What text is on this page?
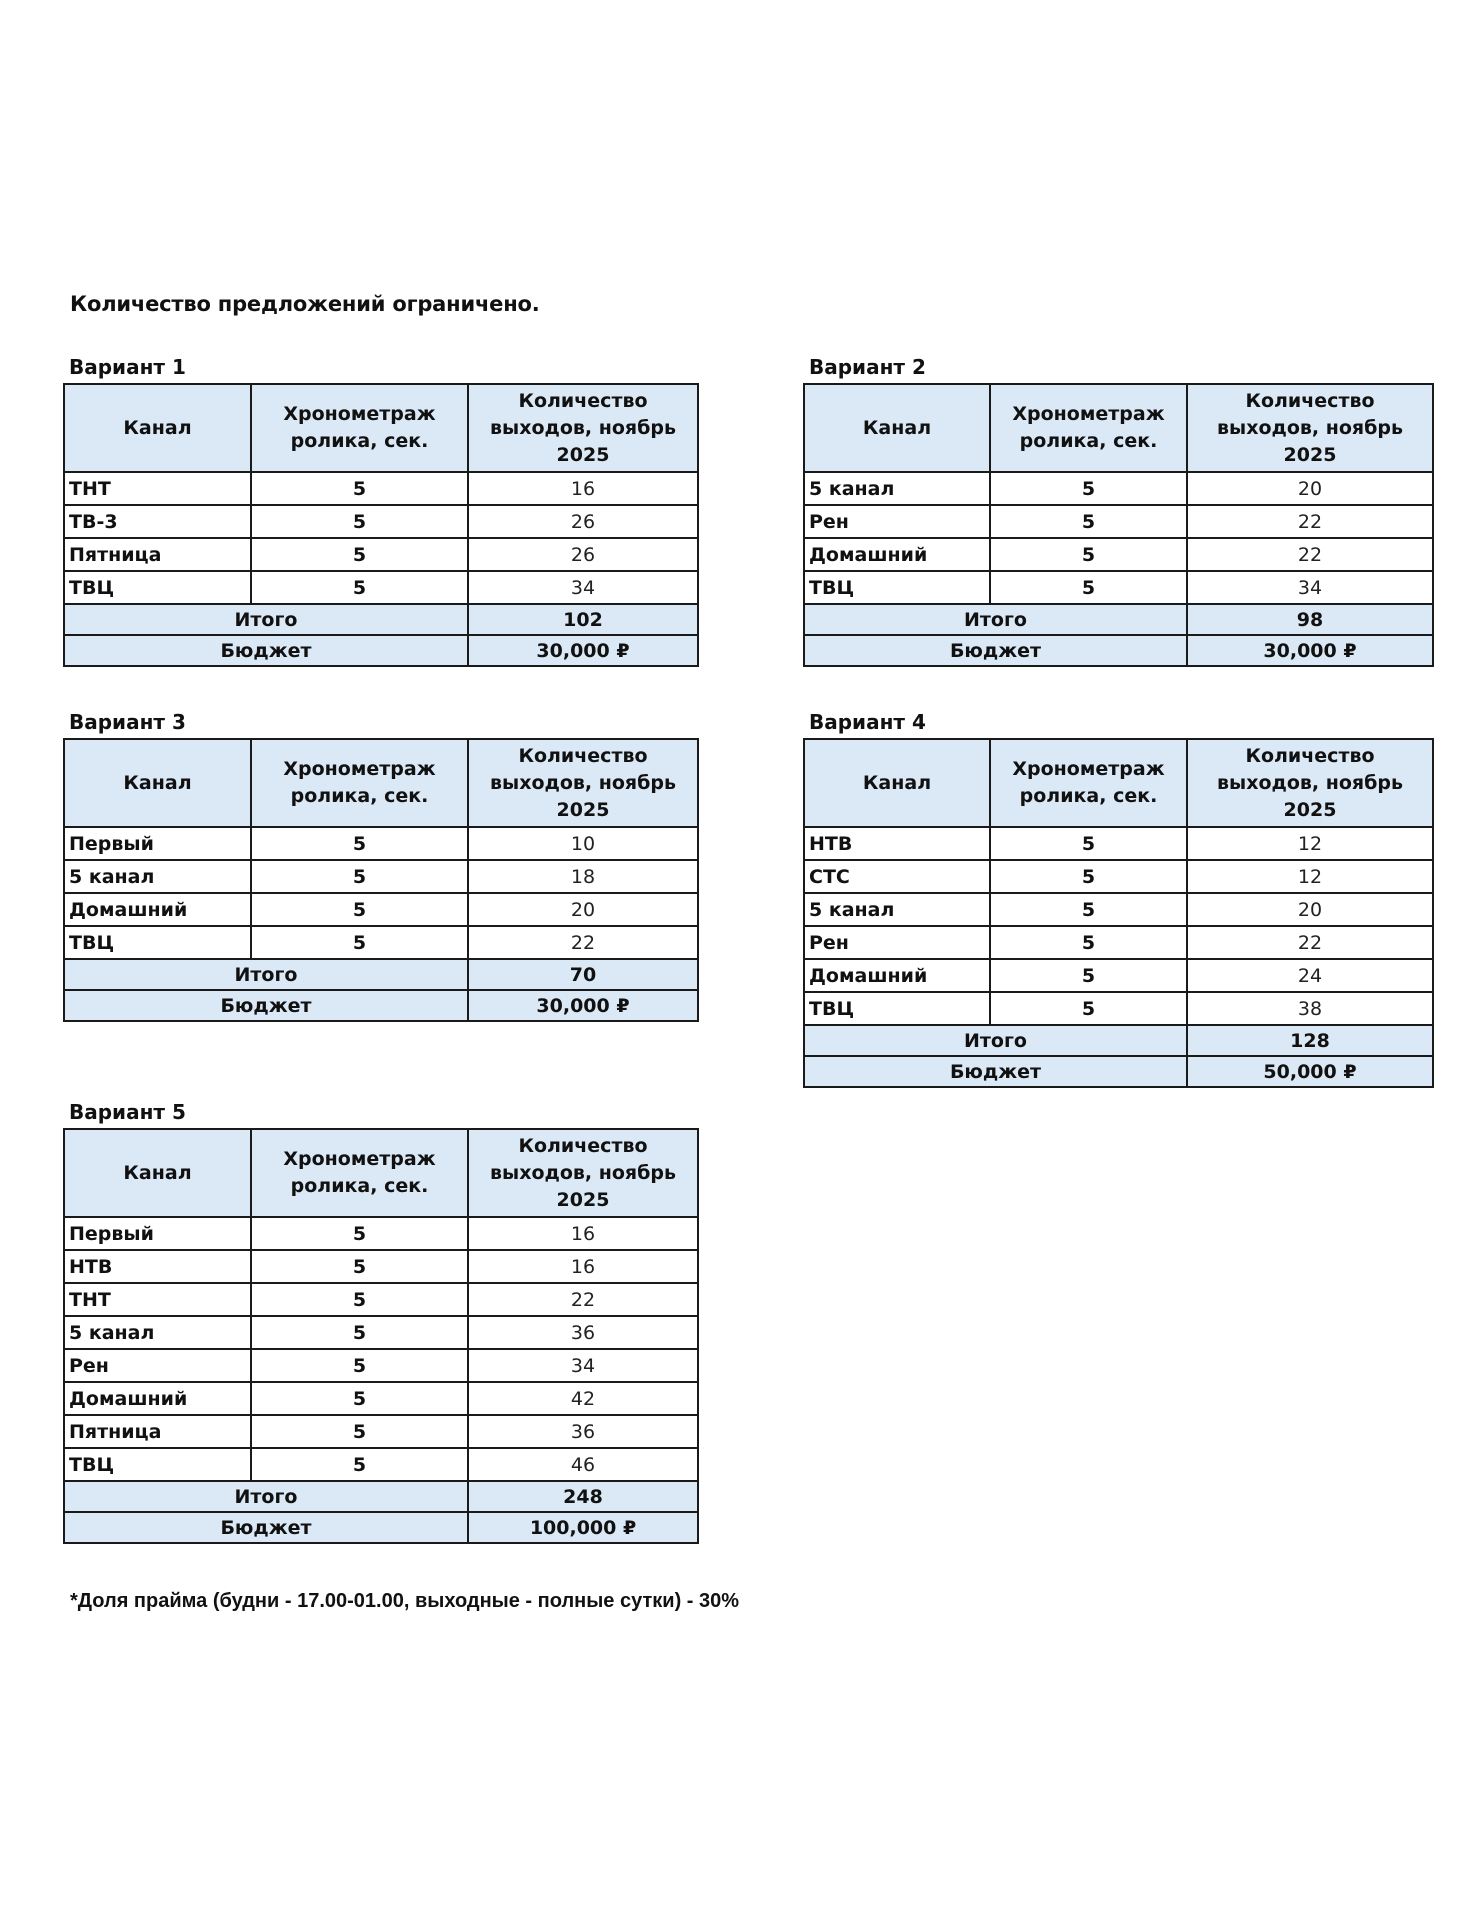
Количество предложений ограничено.
Вариант 1
Канал	Хронометраж ролика, сек.	Количество выходов, ноябрь 2025
ТНТ	5	16
ТВ-3	5	26
Пятница	5	26
ТВЦ	5	34
Итого		102
Бюджет		30,000 ₽
Вариант 2
Канал	Хронометраж ролика, сек.	Количество выходов, ноябрь 2025
5 канал	5	20
Рен	5	22
Домашний	5	22
ТВЦ	5	34
Итого		98
Бюджет		30,000 ₽
Вариант 3
Канал	Хронометраж ролика, сек.	Количество выходов, ноябрь 2025
Первый	5	10
5 канал	5	18
Домашний	5	20
ТВЦ	5	22
Итого		70
Бюджет		30,000 ₽
Вариант 4
Канал	Хронометраж ролика, сек.	Количество выходов, ноябрь 2025
НТВ	5	12
СТС	5	12
5 канал	5	20
Рен	5	22
Домашний	5	24
ТВЦ	5	38
Итого		128
Бюджет		50,000 ₽
Вариант 5
Канал	Хронометраж ролика, сек.	Количество выходов, ноябрь 2025
Первый	5	16
НТВ	5	16
ТНТ	5	22
5 канал	5	36
Рен	5	34
Домашний	5	42
Пятница	5	36
ТВЦ	5	46
Итого		248
Бюджет		100,000 ₽
*Доля прайма (будни - 17.00-01.00, выходные - полные сутки) - 30%
